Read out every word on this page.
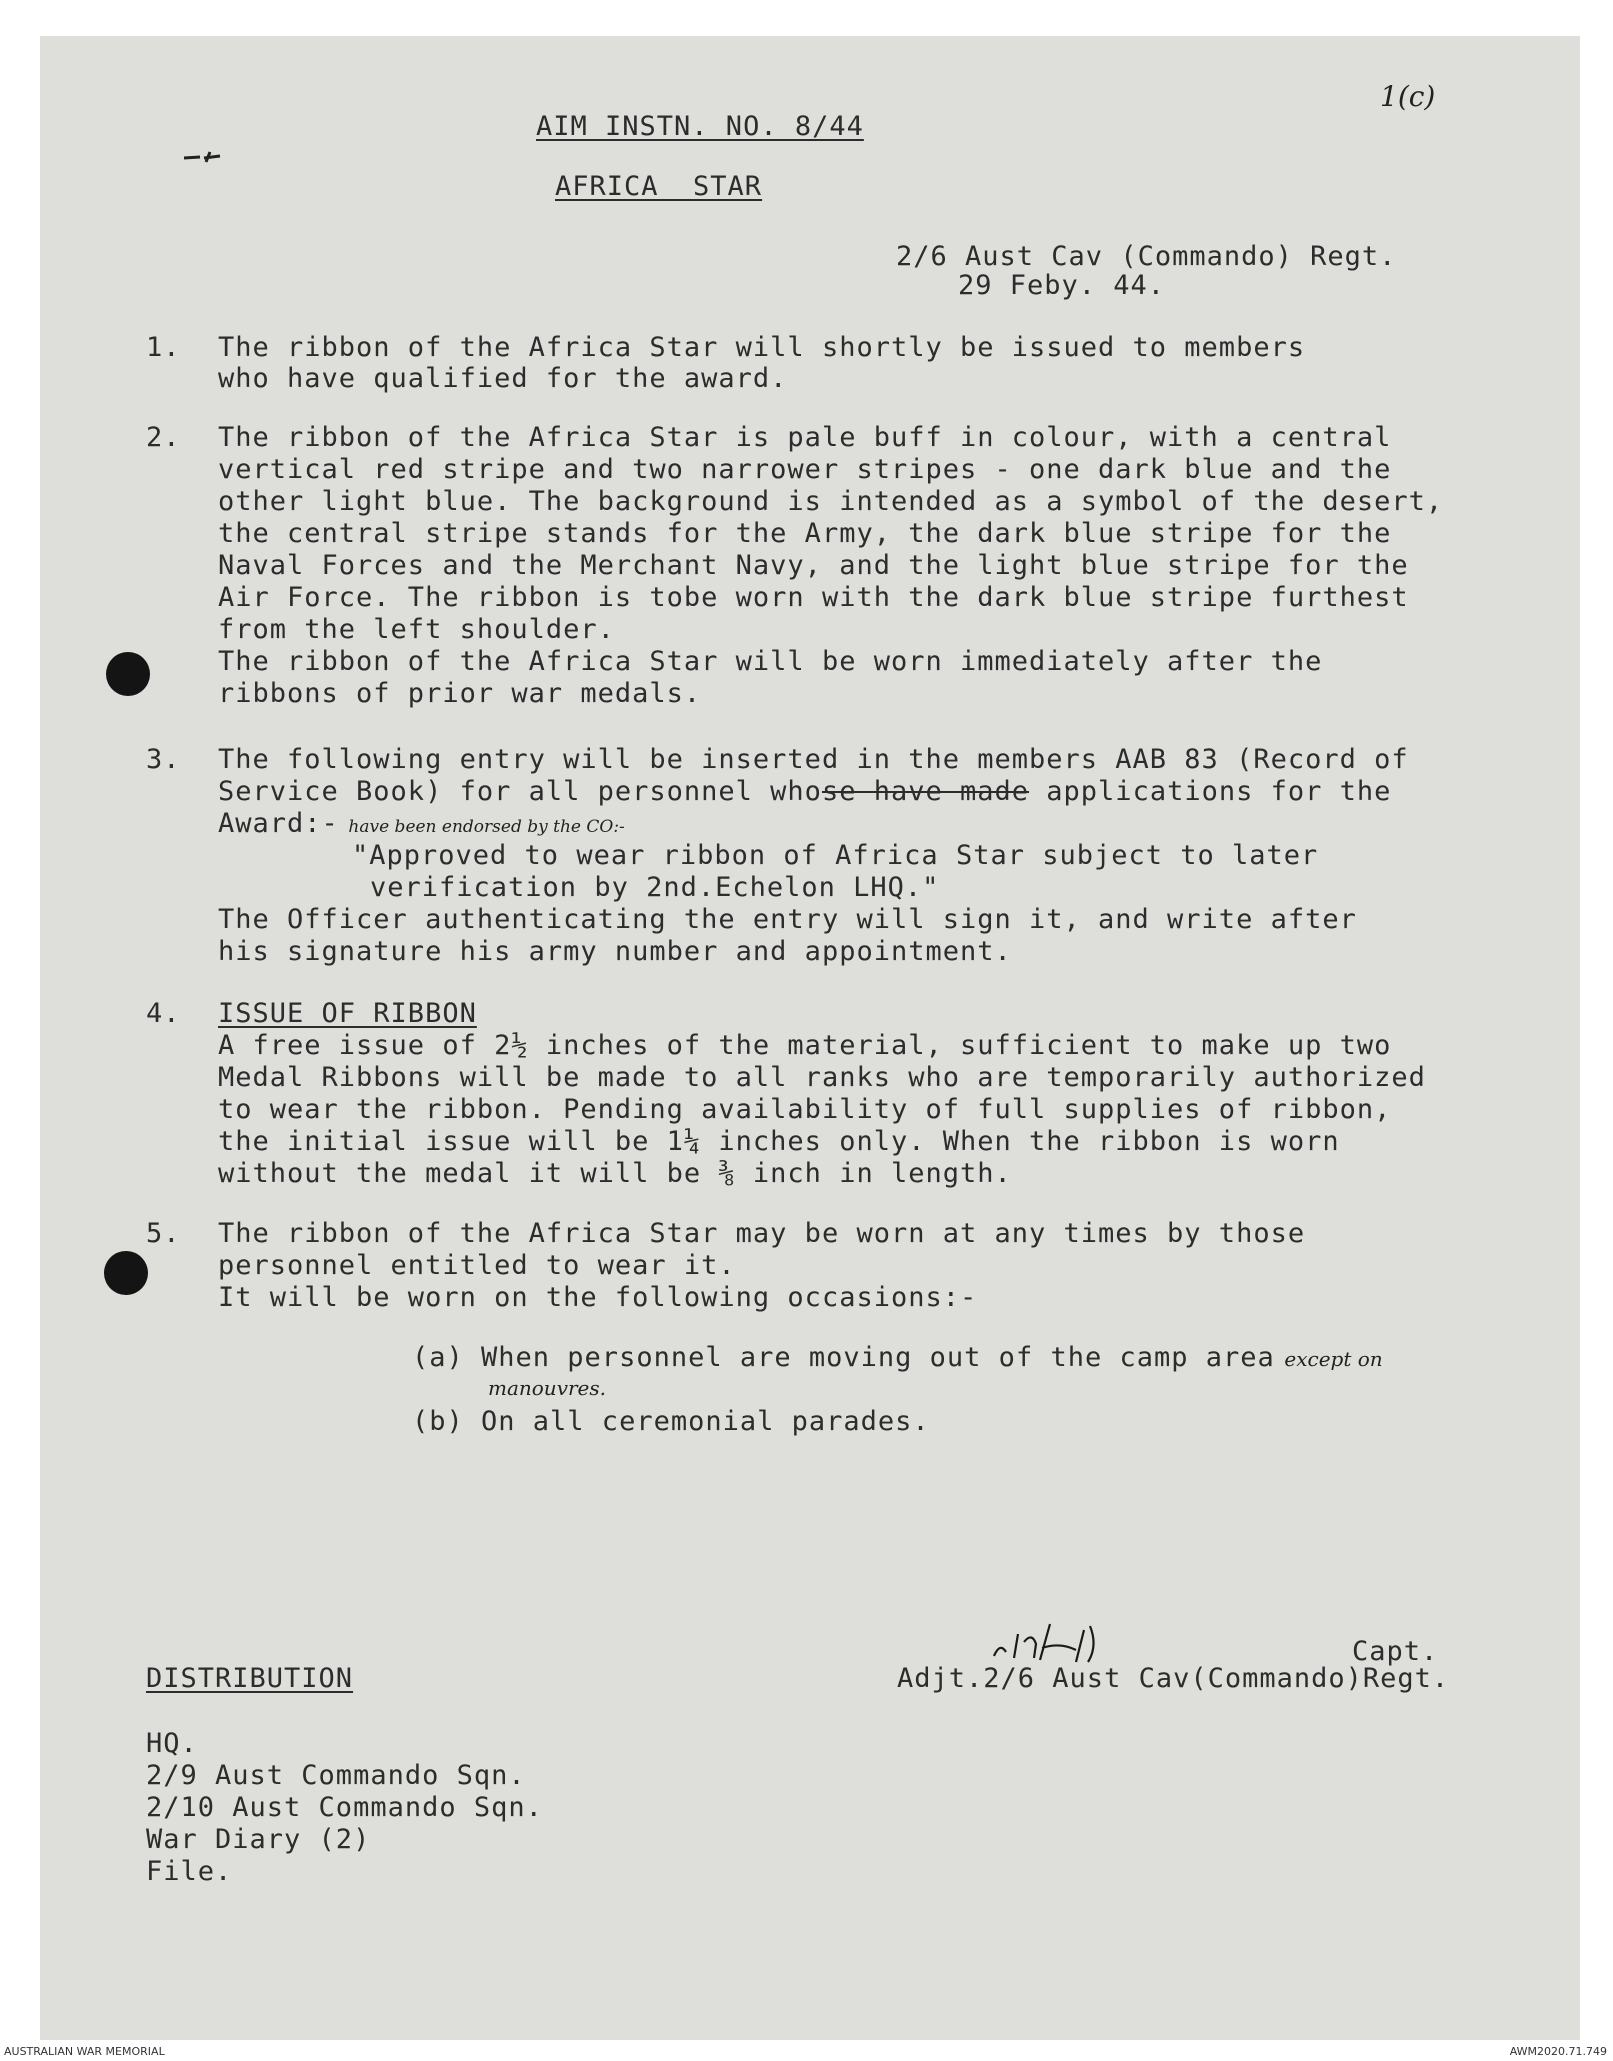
AIM INSTN. NO. 8/44
1(c)
AFRICA  STAR
2/6 Aust Cav (Commando) Regt.
29 Feby. 44.
1. The ribbon of the Africa Star will shortly be issued to members
who have qualified for the award.
2. The ribbon of the Africa Star is pale buff in colour, with a central
vertical red stripe and two narrower stripes - one dark blue and the
other light blue. The background is intended as a symbol of the desert,
the central stripe stands for the Army, the dark blue stripe for the
Naval Forces and the Merchant Navy, and the light blue stripe for the
Air Force. The ribbon is tobe worn with the dark blue stripe furthest
from the left shoulder.
The ribbon of the Africa Star will be worn immediately after the
ribbons of prior war medals.
3. The following entry will be inserted in the members AAB 83 (Record of
Service Book) for all personnel whose have made applications for the
Award:- have been endorsed by the CO:-
"Approved to wear ribbon of Africa Star subject to later
verification by 2nd.Echelon LHQ."
The Officer authenticating the entry will sign it, and write after
his signature his army number and appointment.
4. ISSUE OF RIBBON
A free issue of 2½ inches of the material, sufficient to make up two
Medal Ribbons will be made to all ranks who are temporarily authorized
to wear the ribbon. Pending availability of full supplies of ribbon,
the initial issue will be 1¼ inches only. When the ribbon is worn
without the medal it will be ⅜ inch in length.
5. The ribbon of the Africa Star may be worn at any times by those
personnel entitled to wear it.
It will be worn on the following occasions:-
(a) When personnel are moving out of the camp area except on
manouvres.
(b) On all ceremonial parades.
Capt.
Adjt.2/6 Aust Cav(Commando)Regt.
DISTRIBUTION
HQ.
2/9 Aust Commando Sqn.
2/10 Aust Commando Sqn.
War Diary (2)
File.
AUSTRALIAN WAR MEMORIAL	AWM2020.71.749
